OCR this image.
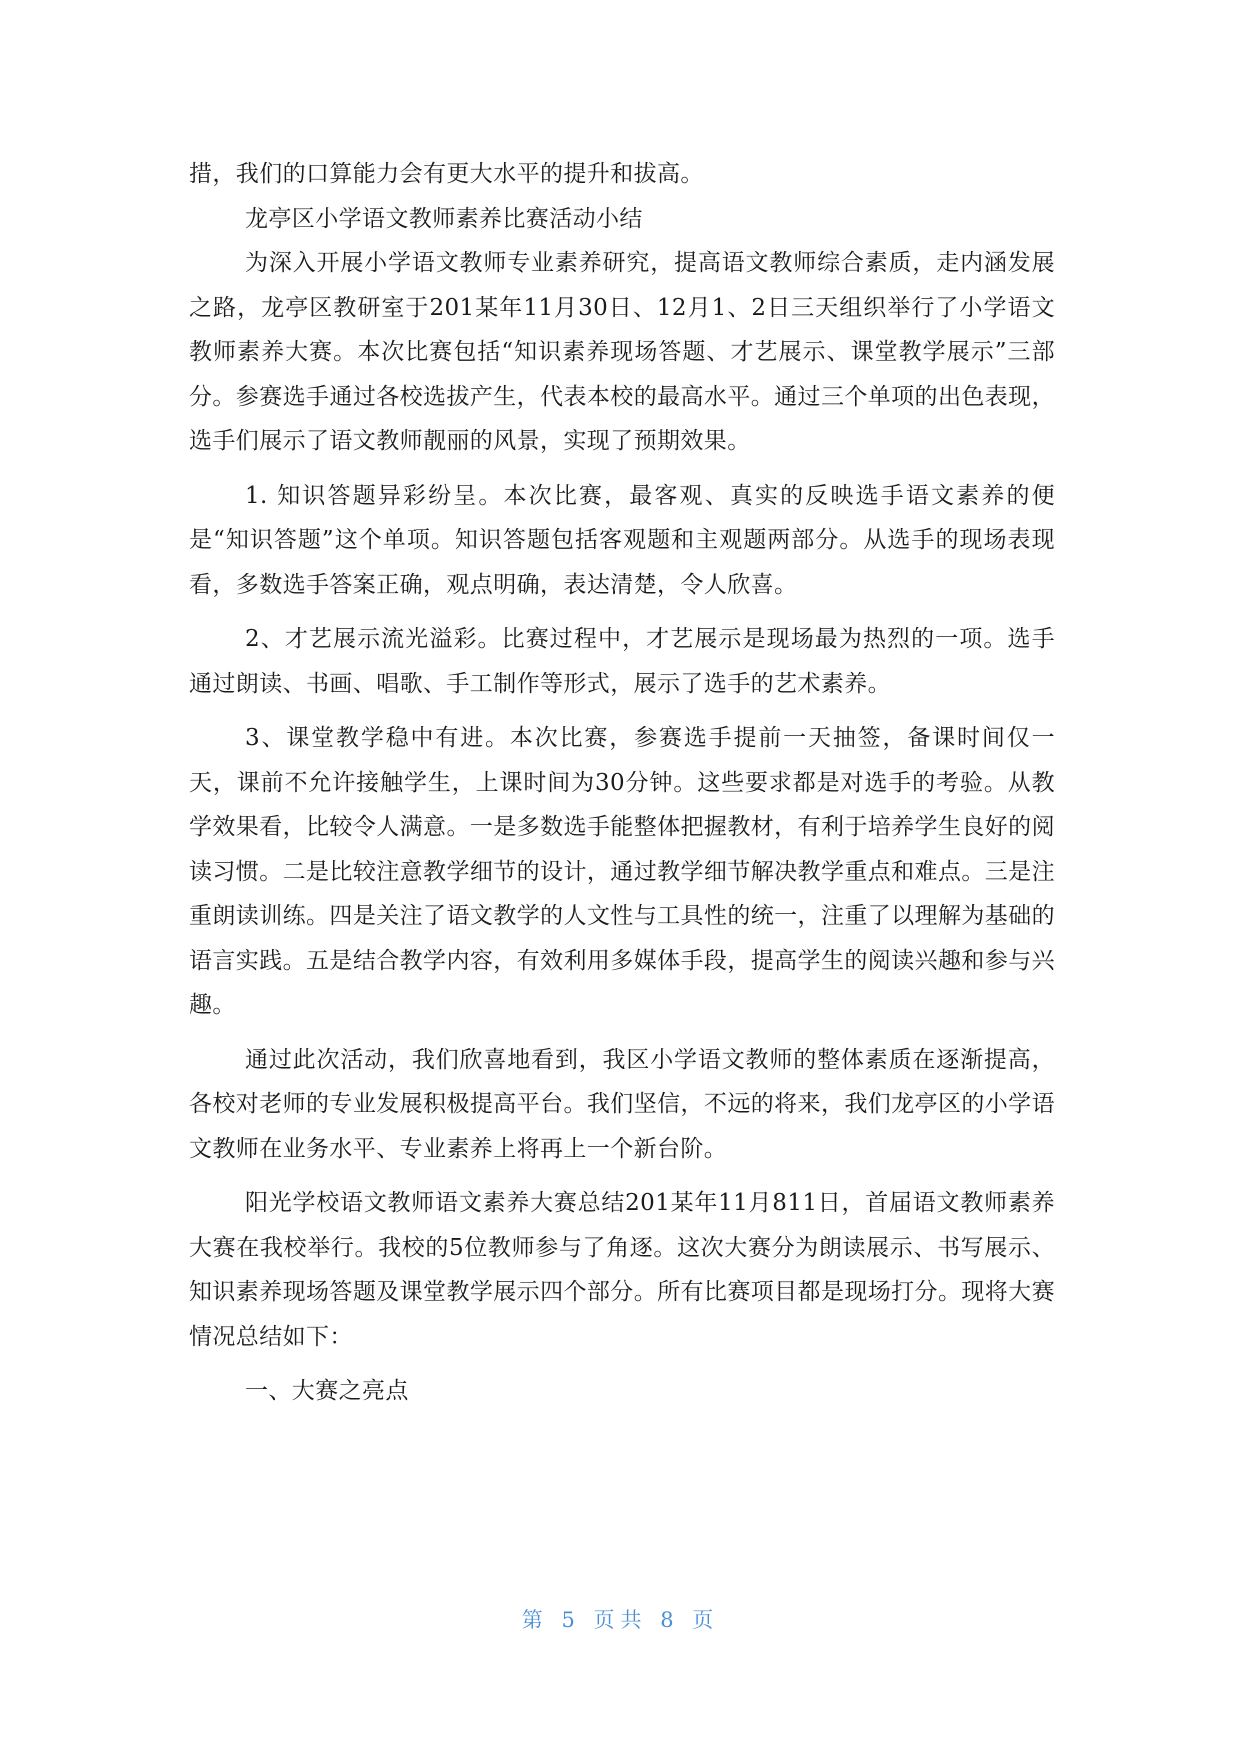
措，我们的口算能力会有更大水平的提升和拔高。

龙亭区小学语文教师素养比赛活动小结

为深入开展小学语文教师专业素养研究，提高语文教师综合素质，走内涵发展之路，龙亭区教研室于201某年11月30日、12月1、2日三天组织举行了小学语文教师素养大赛。本次比赛包括“知识素养现场答题、才艺展示、课堂教学展示”三部分。参赛选手通过各校选拔产生，代表本校的最高水平。通过三个单项的出色表现，选手们展示了语文教师靓丽的风景，实现了预期效果。

1. 知识答题异彩纷呈。本次比赛，最客观、真实的反映选手语文素养的便是“知识答题”这个单项。知识答题包括客观题和主观题两部分。从选手的现场表现看，多数选手答案正确，观点明确，表达清楚，令人欣喜。

2、才艺展示流光溢彩。比赛过程中，才艺展示是现场最为热烈的一项。选手通过朗读、书画、唱歌、手工制作等形式，展示了选手的艺术素养。

3、课堂教学稳中有进。本次比赛，参赛选手提前一天抽签，备课时间仅一天，课前不允许接触学生，上课时间为30分钟。这些要求都是对选手的考验。从教学效果看，比较令人满意。一是多数选手能整体把握教材，有利于培养学生良好的阅读习惯。二是比较注意教学细节的设计，通过教学细节解决教学重点和难点。三是注重朗读训练。四是关注了语文教学的人文性与工具性的统一，注重了以理解为基础的语言实践。五是结合教学内容，有效利用多媒体手段，提高学生的阅读兴趣和参与兴趣。

通过此次活动，我们欣喜地看到，我区小学语文教师的整体素质在逐渐提高，各校对老师的专业发展积极提高平台。我们坚信，不远的将来，我们龙亭区的小学语文教师在业务水平、专业素养上将再上一个新台阶。

阳光学校语文教师语文素养大赛总结201某年11月811日，首届语文教师素养大赛在我校举行。我校的5位教师参与了角逐。这次大赛分为朗读展示、书写展示、知识素养现场答题及课堂教学展示四个部分。所有比赛项目都是现场打分。现将大赛情况总结如下：

一、大赛之亮点

第 5 页共 8 页
